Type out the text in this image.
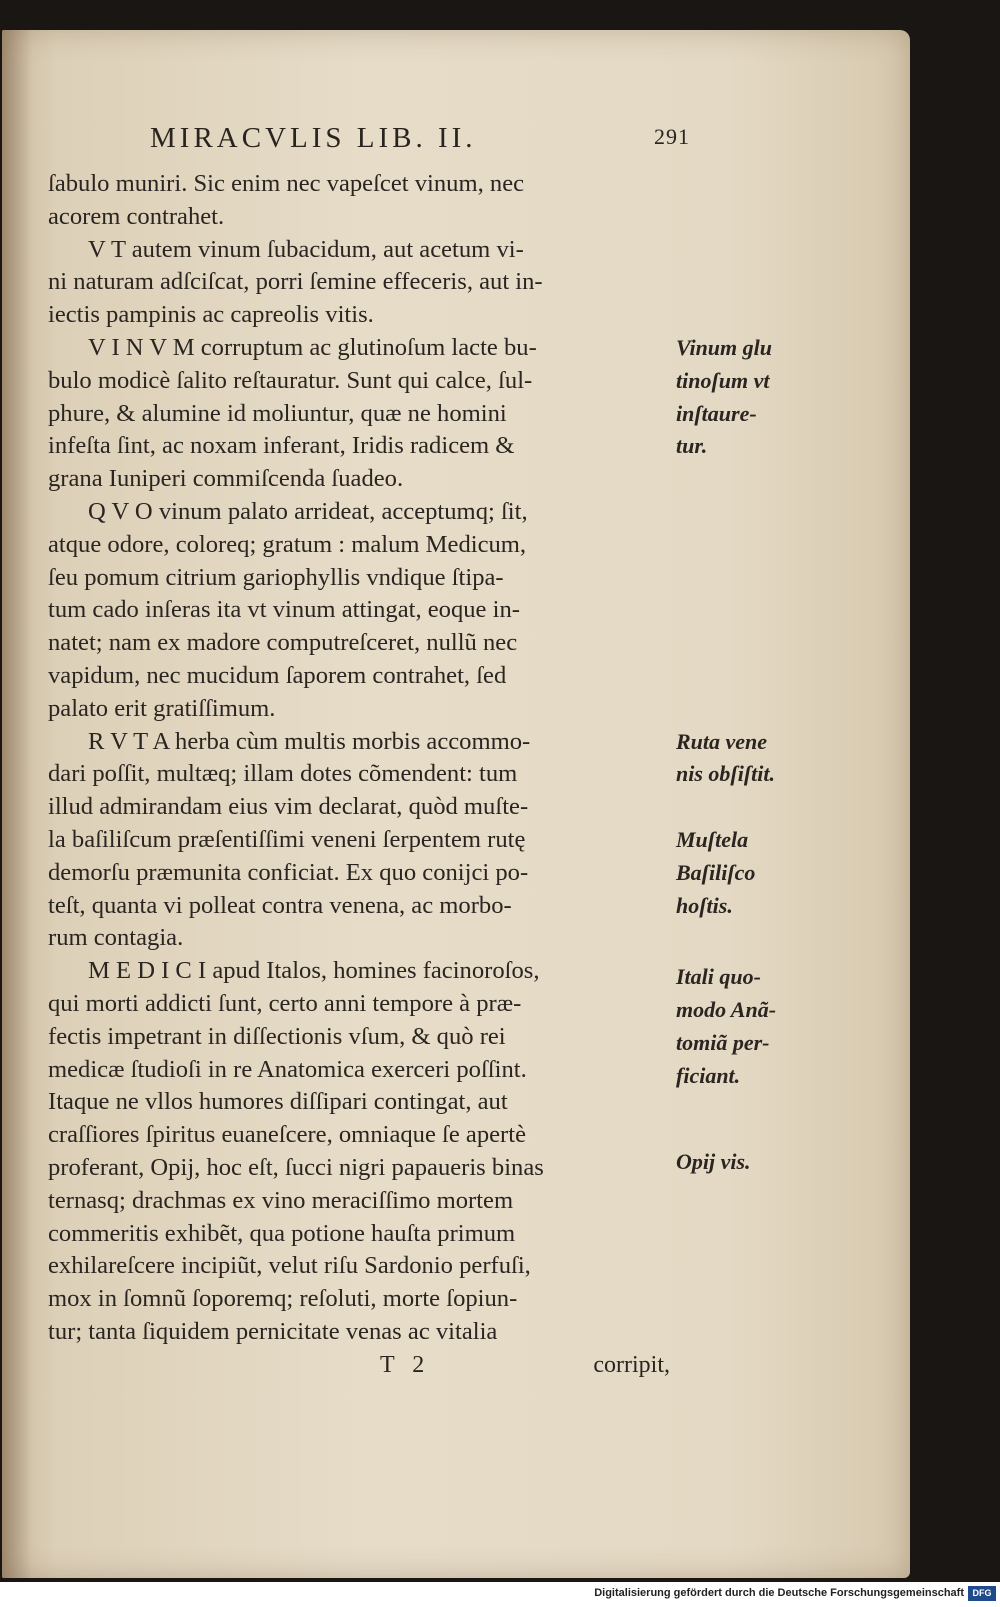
MIRACVLIS LIB. II.	291
ſabulo muniri. Sic enim nec vapeſcet vinum, nec
acorem contrahet.
V T autem vinum ſubacidum, aut acetum vi-
ni naturam adſciſcat, porri ſemine effeceris, aut in-
iectis pampinis ac capreolis vitis.
V I N V M corruptum ac glutinoſum lacte bu-
bulo modicè ſalito reſtauratur. Sunt qui calce, ſul-
phure, & alumine id moliuntur, quæ ne homini
infeſta ſint, ac noxam inferant, Iridis radicem &
grana Iuniperi commiſcenda ſuadeo.
Q V O vinum palato arrideat, acceptumq; ſit,
atque odore, coloreq; gratum : malum Medicum,
ſeu pomum citrium gariophyllis vndique ſtipa-
tum cado inſeras ita vt vinum attingat, eoque in-
natet; nam ex madore computreſceret, nullũ nec
vapidum, nec mucidum ſaporem contrahet, ſed
palato erit gratiſſimum.
R V T A herba cùm multis morbis accommo-
dari poſſit, multæq; illam dotes cõmendent: tum
illud admirandam eius vim declarat, quòd muſte-
la baſiliſcum præſentiſſimi veneni ſerpentem rutę
demorſu præmunita conficiat. Ex quo conijci po-
teſt, quanta vi polleat contra venena, ac morbo-
rum contagia.
M E D I C I apud Italos, homines facinoroſos,
qui morti addicti ſunt, certo anni tempore à præ-
fectis impetrant in diſſectionis vſum, & quò rei
medicæ ſtudioſi in re Anatomica exerceri poſſint.
Itaque ne vllos humores diſſipari contingat, aut
craſſiores ſpiritus euaneſcere, omniaque ſe apertè
proferant, Opij, hoc eſt, ſucci nigri papaueris binas
ternasq; drachmas ex vino meraciſſimo mortem
commeritis exhibẽt, qua potione hauſta primum
exhilareſcere incipiũt, velut riſu Sardonio perfuſi,
mox in ſomnũ ſoporemq; reſoluti, morte ſopiun-
tur; tanta ſiquidem pernicitate venas ac vitalia
T 2	corripit,
Digitalisierung gefördert durch die Deutsche Forschungsgemeinschaft DFG
Vinum glu
tinoſum vt
inſtaure-
tur.
Ruta vene
nis obſiſtit.
Muſtela
Baſiliſco
hoſtis.
Itali quo-
modo Anã-
tomiã per-
ficiant.
Opij vis.
